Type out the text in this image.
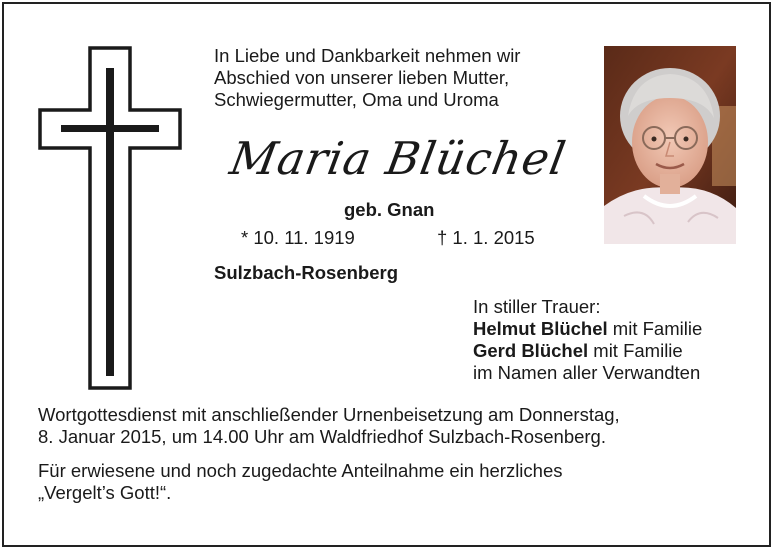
In Liebe und Dankbarkeit nehmen wir
Abschied von unserer lieben Mutter,
Schwiegermutter, Oma und Uroma

Maria Blüchel
geb. Gnan
* 10. 11. 1919	† 1. 1. 2015
Sulzbach-Rosenberg
In stiller Trauer:
Helmut Blüchel mit Familie
Gerd Blüchel mit Familie
im Namen aller Verwandten

Wortgottesdienst mit anschließender Urnenbeisetzung am Donnerstag,
8. Januar 2015, um 14.00 Uhr am Waldfriedhof Sulzbach-Rosenberg.

Für erwiesene und noch zugedachte Anteilnahme ein herzliches
„Vergelt’s Gott!“.
